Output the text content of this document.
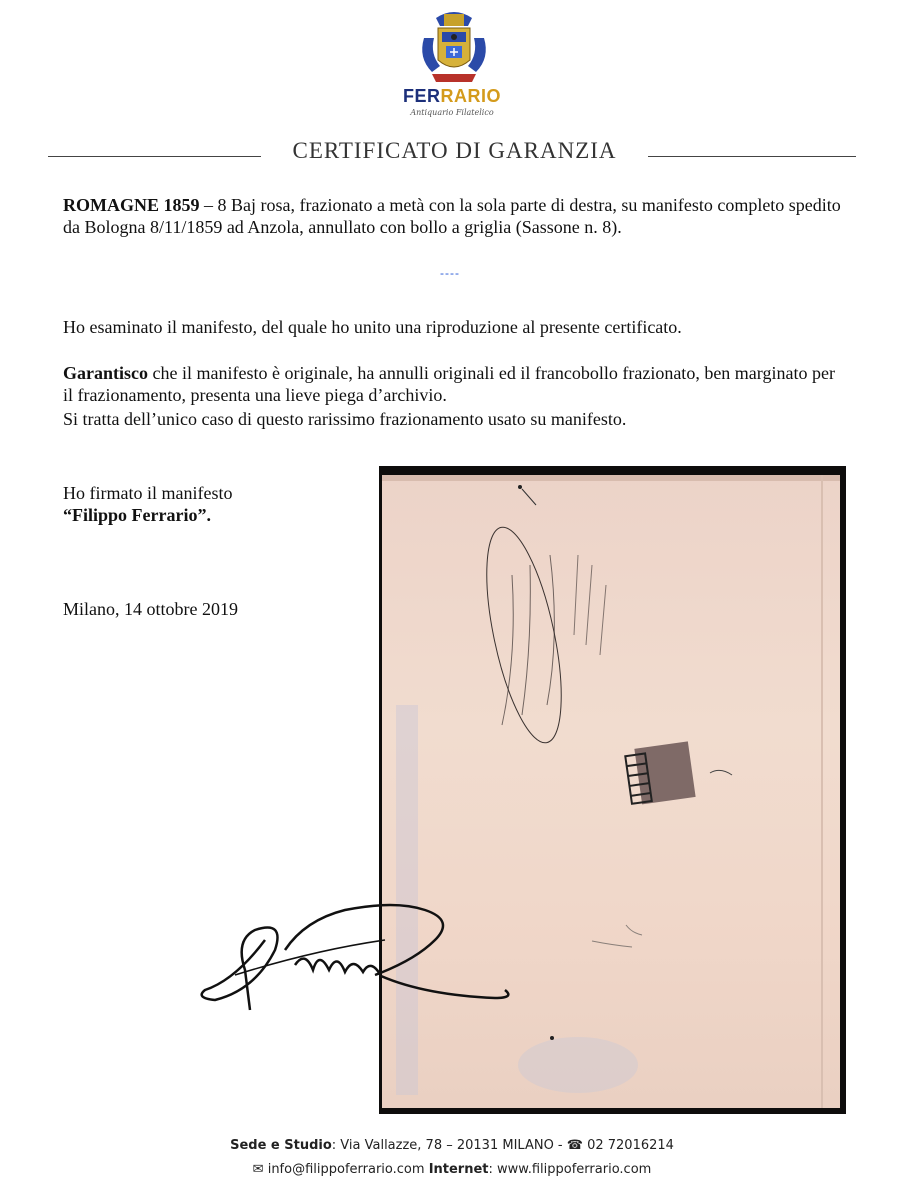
FERRARIO
Antiquario Filatelico
CERTIFICATO DI GARANZIA
ROMAGNE 1859 – 8 Baj rosa, frazionato a metà con la sola parte di destra, su manifesto completo spedito da Bologna 8/11/1859 ad Anzola, annullato con bollo a griglia (Sassone n. 8).
----
Ho esaminato il manifesto, del quale ho unito una riproduzione al presente certificato.
Garantisco che il manifesto è originale, ha annulli originali ed il francobollo frazionato, ben marginato per il frazionamento, presenta una lieve piega d’archivio.
Si tratta dell’unico caso di questo rarissimo frazionamento usato su manifesto.
Ho firmato il manifesto
“Filippo Ferrario”.
Milano, 14 ottobre 2019
Sede e Studio: Via Vallazze, 78 – 20131 MILANO - ☎ 02 72016214
✉ info@filippoferrario.com Internet: www.filippoferrario.com
